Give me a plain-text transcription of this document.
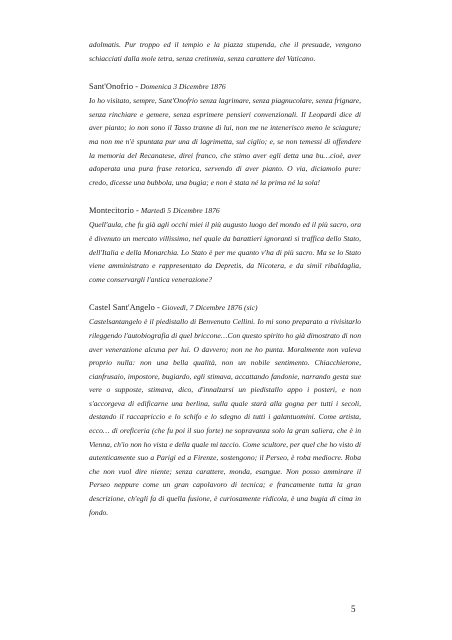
adolmatis. Pur troppo ed il tempio e la piazza stupenda, che il presuade, vengono schiacciati dalla mole tetra, senza cretinmia, senza carattere del Vaticano.

Sant'Onofrio - Domenica 3 Dicembre 1876

Io ho visitato, sempre, Sant'Onofrio senza lagrimare, senza piagnucolare, senza frignare, senza rinchiare e gemere, senza esprimere pensieri convenzionali. Il Leopardi dice di aver pianto; io non sono il Tasso tranne di lui, non me ne intenerisco meno le sciagure; ma non me n'è spuntata pur una di lagrimetta, sul ciglio; e, se non temessi di offendere la memoria del Recanatese, direi franco, che stimo aver egli detta una bu…cioè, aver adoperata una pura frase retorica, servendo di aver pianto. O via, diciamolo pure: credo, dicesse una bubbola, una bugia; e non è stata né la prima né la sola!

Montecitorio - Martedì 5 Dicembre 1876

Quell'aula, che fu già agli occhi miei il più augusto luogo del mondo ed il più sacro, ora è divenuto un mercato villissimo, nel quale da barattieri ignoranti si traffica dello Stato, dell'Italia e della Monarchia. Lo Stato è per me quanto v'ha di più sacro. Ma se lo Stato viene amministrato e rappresentato da Depretis, da Nicotera, e da simil ribaldaglia, come conservargli l'antica venerazione?

Castel Sant'Angelo - Giovedì, 7 Dicembre 1876 (sic)

Castelsantangelo è il piedistallo di Benvenuto Cellini. Io mi sono preparato a rivisitarlo rileggendo l'autobiografia di quel briccone…Con questo spirito ho già dimostrato di non aver venerazione alcuna per lui. O davvero; non ne ho punta. Moralmente non valeva proprio nulla: non una bella qualità, non un nobile sentimento. Chiacchierone, cianfrusaio, impostore, bugiardo, egli stimava, accattando fandonie, narrando gesta sue vere o supposte, stimava, dico, d'innalzarsi un piedistallo appo i posteri, e non s'accorgeva di edificarne una berlina, sulla quale starà alla gogna per tutti i secoli, destando il raccapriccio e lo schifo e lo sdegno di tutti i galantuomini. Come artista, ecco… di oreficeria (che fu poi il suo forte) ne sopravanza solo la gran saliera, che è in Vienna, ch'io non ho vista e della quale mi taccio. Come scultore, per quel che ho visto di autenticamente suo a Parigi ed a Firenze, sostengono; il Perseo, è roba mediocre. Roba che non vuol dire niente; senza carattere, monda, esangue. Non posso ammirare il Perseo neppure come un gran capolavoro di tecnica; e francamente tutta la gran descrizione, ch'egli fa di quella fusione, è curiosamente ridicola, è una bugia di cima in fondo.

5
